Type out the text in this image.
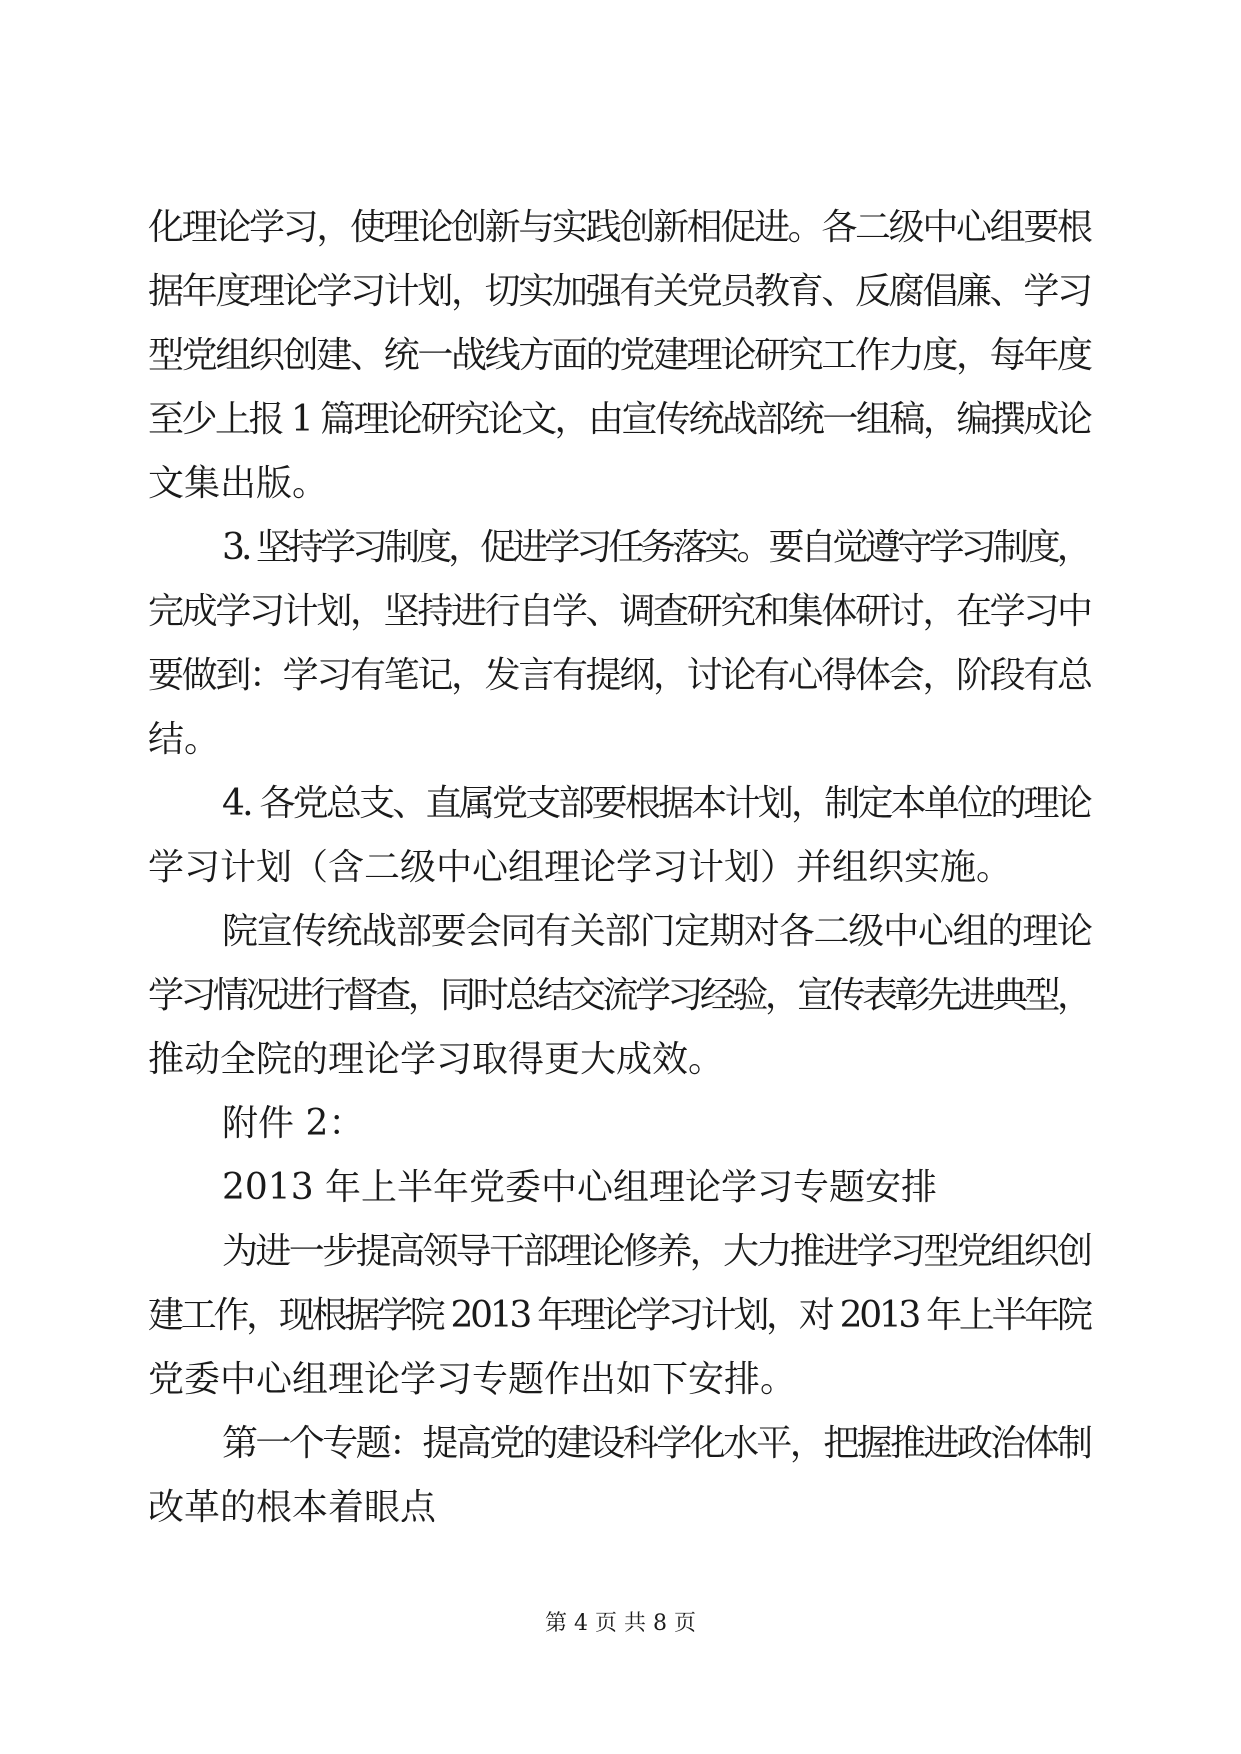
化理论学习，使理论创新与实践创新相促进。各二级中心组要根
据年度理论学习计划，切实加强有关党员教育、反腐倡廉、学习
型党组织创建、统一战线方面的党建理论研究工作力度，每年度
至少上报 1 篇理论研究论文，由宣传统战部统一组稿，编撰成论
文集出版。
3. 坚持学习制度，促进学习任务落实。要自觉遵守学习制度，
完成学习计划，坚持进行自学、调查研究和集体研讨，在学习中
要做到：学习有笔记，发言有提纲，讨论有心得体会，阶段有总
结。
4. 各党总支、直属党支部要根据本计划，制定本单位的理论
学习计划（含二级中心组理论学习计划）并组织实施。
院宣传统战部要会同有关部门定期对各二级中心组的理论
学习情况进行督查，同时总结交流学习经验，宣传表彰先进典型，
推动全院的理论学习取得更大成效。
附件 2：
2013 年上半年党委中心组理论学习专题安排
为进一步提高领导干部理论修养，大力推进学习型党组织创
建工作，现根据学院 2013 年理论学习计划，对 2013 年上半年院
党委中心组理论学习专题作出如下安排。
第一个专题：提高党的建设科学化水平，把握推进政治体制
改革的根本着眼点
第 4 页 共 8 页
